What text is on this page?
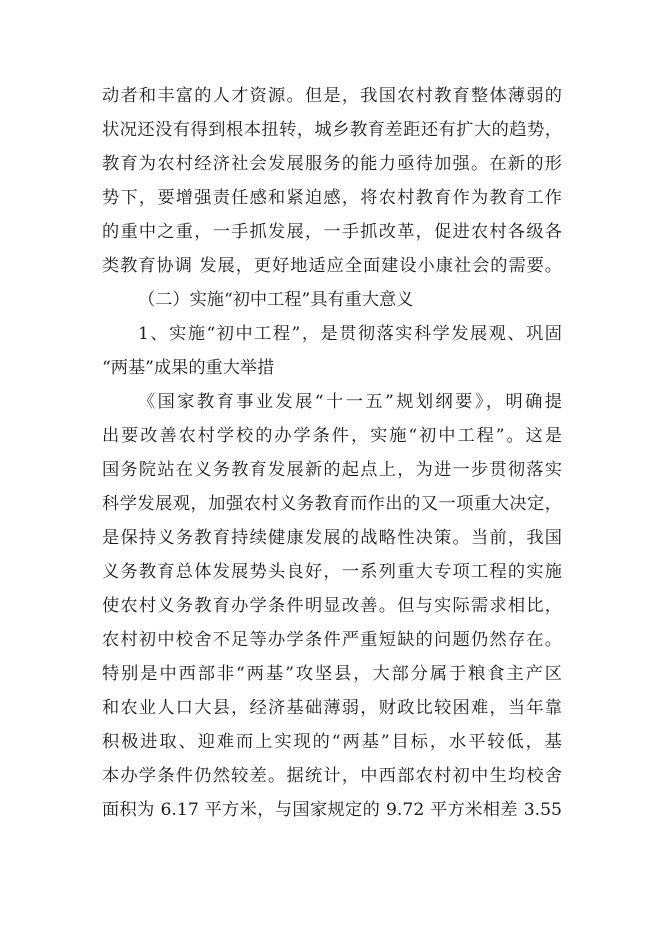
动者和丰富的人才资源。但是，我国农村教育整体薄弱的
状况还没有得到根本扭转，城乡教育差距还有扩大的趋势，
教育为农村经济社会发展服务的能力亟待加强。在新的形
势下，要增强责任感和紧迫感，将农村教育作为教育工作
的重中之重，一手抓发展，一手抓改革，促进农村各级各
类教育协调 发展，更好地适应全面建设小康社会的需要。
（二）实施“初中工程”具有重大意义
1、实施“初中工程”，是贯彻落实科学发展观、巩固
“两基”成果的重大举措
《国家教育事业发展“十一五”规划纲要》，明确提
出要改善农村学校的办学条件，实施“初中工程”。这是
国务院站在义务教育发展新的起点上，为进一步贯彻落实
科学发展观，加强农村义务教育而作出的又一项重大决定，
是保持义务教育持续健康发展的战略性决策。当前，我国
义务教育总体发展势头良好，一系列重大专项工程的实施
使农村义务教育办学条件明显改善。但与实际需求相比，
农村初中校舍不足等办学条件严重短缺的问题仍然存在。
特别是中西部非“两基”攻坚县，大部分属于粮食主产区
和农业人口大县，经济基础薄弱，财政比较困难，当年靠
积极进取、迎难而上实现的“两基”目标，水平较低，基
本办学条件仍然较差。据统计，中西部农村初中生均校舍
面积为 6.17 平方米，与国家规定的 9.72 平方米相差 3.55
